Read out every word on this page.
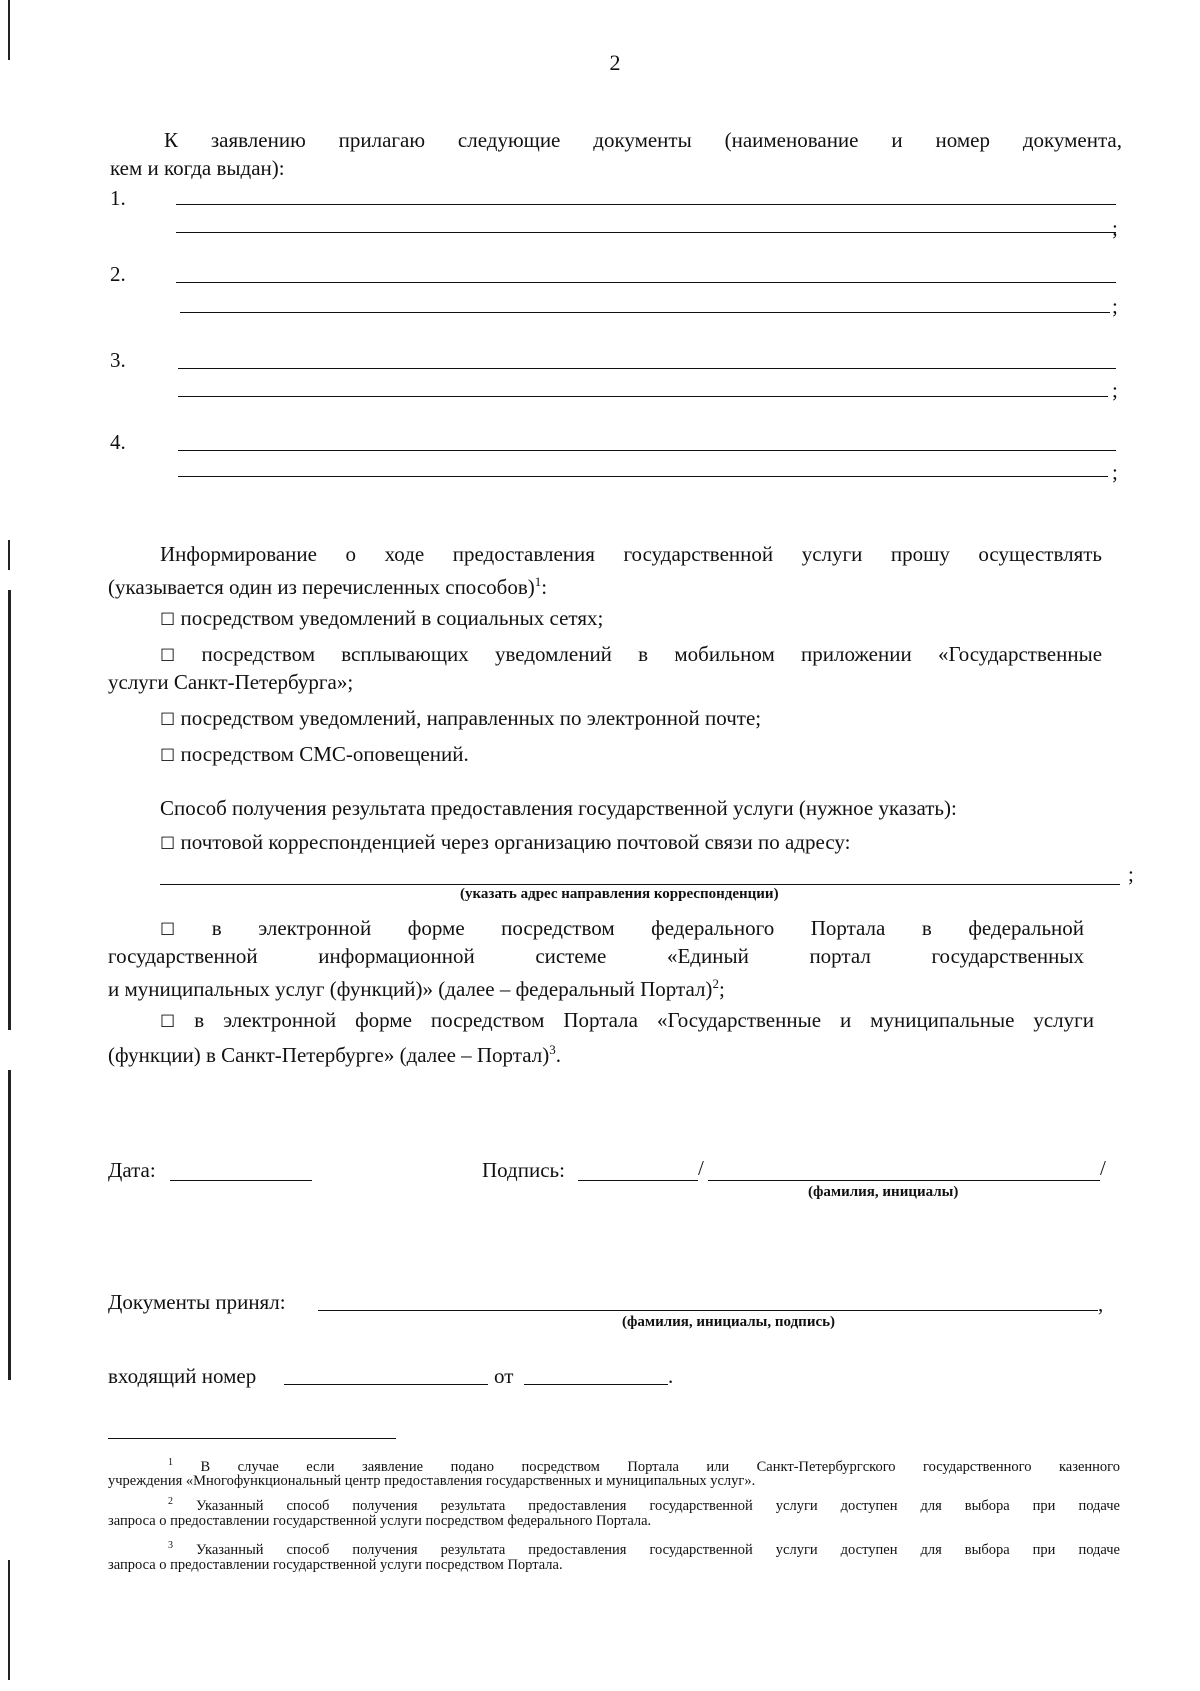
2
К заявлению прилагаю следующие документы (наименование и номер документа,
кем и когда выдан):
1.
;
2.
;
3.
;
4.
;
Информирование о ходе предоставления государственной услуги прошу осуществлять
(указывается один из перечисленных способов)$^1$:
☐ посредством уведомлений в социальных сетях;
☐ посредством всплывающих уведомлений в мобильном приложении «Государственные
услуги Санкт-Петербурга»;
☐ посредством уведомлений, направленных по электронной почте;
☐ посредством СМС-оповещений.
Способ получения результата предоставления государственной услуги (нужное указать):
☐ почтовой корреспонденцией через организацию почтовой связи по адресу:
;
(указать адрес направления корреспонденции)
☐ в электронной форме посредством федерального Портала в федеральной
государственной информационной системе «Единый портал государственных
и муниципальных услуг (функций)» (далее – федеральный Портал)$^2$;
☐ в электронной форме посредством Портала «Государственные и муниципальные услуги
(функции) в Санкт-Петербурге» (далее – Портал)$^3$.
Дата:	Подпись:	/	/
(фамилия, инициалы)
Документы принял:	,
(фамилия, инициалы, подпись)
входящий номер	от	.
$^1$ В случае если заявление подано посредством Портала или Санкт-Петербургского государственного казенного
учреждения «Многофункциональный центр предоставления государственных и муниципальных услуг».
$^2$ Указанный способ получения результата предоставления государственной услуги доступен для выбора при подаче
запроса о предоставлении государственной услуги посредством федерального Портала.
$^3$ Указанный способ получения результата предоставления государственной услуги доступен для выбора при подаче
запроса о предоставлении государственной услуги посредством Портала.
